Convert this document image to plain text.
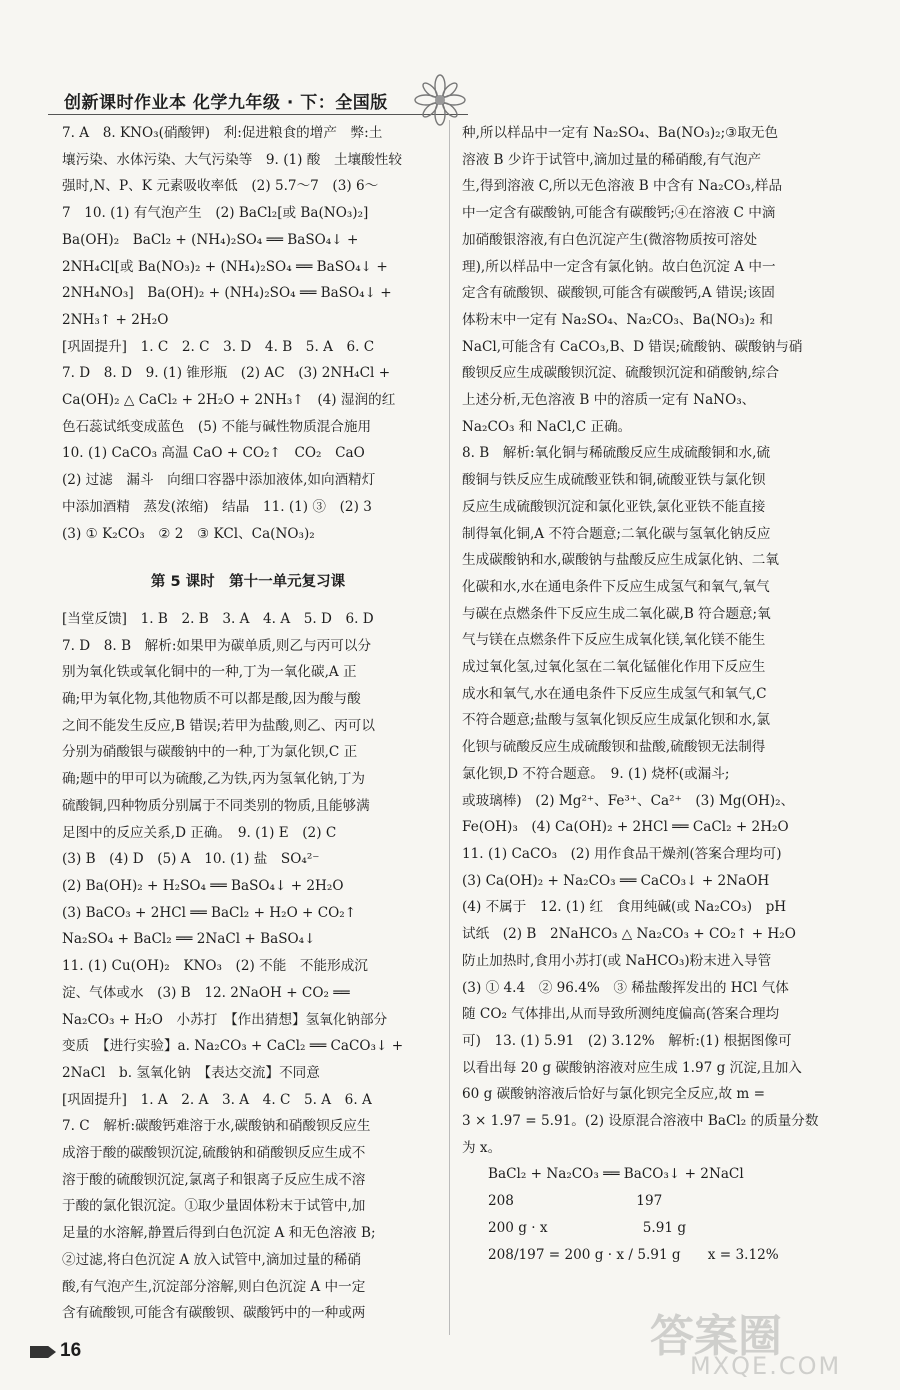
创新课时作业本 化学九年级 · 下：全国版
7. A　8. KNO₃(硝酸钾)　利:促进粮食的增产　弊:土
壤污染、水体污染、大气污染等　9. (1) 酸　土壤酸性较
强时,N、P、K 元素吸收率低　(2) 5.7～7　(3) 6～
7　10. (1) 有气泡产生　(2) BaCl₂[或 Ba(NO₃)₂]
Ba(OH)₂　BaCl₂ + (NH₄)₂SO₄ ══ BaSO₄↓ +
2NH₄Cl[或 Ba(NO₃)₂ + (NH₄)₂SO₄ ══ BaSO₄↓ +
2NH₄NO₃]　Ba(OH)₂ + (NH₄)₂SO₄ ══ BaSO₄↓ +
2NH₃↑ + 2H₂O
[巩固提升]　1. C　2. C　3. D　4. B　5. A　6. C
7. D　8. D　9. (1) 锥形瓶　(2) AC　(3) 2NH₄Cl +
Ca(OH)₂ △ CaCl₂ + 2H₂O + 2NH₃↑　(4) 湿润的红
色石蕊试纸变成蓝色　(5) 不能与碱性物质混合施用
10. (1) CaCO₃ 高温 CaO + CO₂↑　CO₂　CaO
(2) 过滤　漏斗　向细口容器中添加液体,如向酒精灯
中添加酒精　蒸发(浓缩)　结晶　11. (1) ③　(2) 3
(3) ① K₂CO₃　② 2　③ KCl、Ca(NO₃)₂
第 5 课时　第十一单元复习课
[当堂反馈]　1. B　2. B　3. A　4. A　5. D　6. D
7. D　8. B　解析:如果甲为碳单质,则乙与丙可以分
别为氧化铁或氧化铜中的一种,丁为一氧化碳,A 正
确;甲为氧化物,其他物质不可以都是酸,因为酸与酸
之间不能发生反应,B 错误;若甲为盐酸,则乙、丙可以
分别为硝酸银与碳酸钠中的一种,丁为氯化钡,C 正
确;题中的甲可以为硫酸,乙为铁,丙为氢氧化钠,丁为
硫酸铜,四种物质分别属于不同类别的物质,且能够满
足图中的反应关系,D 正确。　9. (1) E　(2) C
(3) B　(4) D　(5) A　10. (1) 盐　SO₄²⁻
(2) Ba(OH)₂ + H₂SO₄ ══ BaSO₄↓ + 2H₂O
(3) BaCO₃ + 2HCl ══ BaCl₂ + H₂O + CO₂↑
Na₂SO₄ + BaCl₂ ══ 2NaCl + BaSO₄↓
11. (1) Cu(OH)₂　KNO₃　(2) 不能　不能形成沉
淀、气体或水　(3) B　12. 2NaOH + CO₂ ══
Na₂CO₃ + H₂O　小苏打　【作出猜想】氢氧化钠部分
变质　【进行实验】a. Na₂CO₃ + CaCl₂ ══ CaCO₃↓ +
2NaCl　b. 氢氧化钠　【表达交流】不同意
[巩固提升]　1. A　2. A　3. A　4. C　5. A　6. A
7. C　解析:碳酸钙难溶于水,碳酸钠和硝酸钡反应生
成溶于酸的碳酸钡沉淀,硫酸钠和硝酸钡反应生成不
溶于酸的硫酸钡沉淀,氯离子和银离子反应生成不溶
于酸的氯化银沉淀。①取少量固体粉末于试管中,加
足量的水溶解,静置后得到白色沉淀 A 和无色溶液 B;
②过滤,将白色沉淀 A 放入试管中,滴加过量的稀硝
酸,有气泡产生,沉淀部分溶解,则白色沉淀 A 中一定
含有硫酸钡,可能含有碳酸钡、碳酸钙中的一种或两
种,所以样品中一定有 Na₂SO₄、Ba(NO₃)₂;③取无色
溶液 B 少许于试管中,滴加过量的稀硝酸,有气泡产
生,得到溶液 C,所以无色溶液 B 中含有 Na₂CO₃,样品
中一定含有碳酸钠,可能含有碳酸钙;④在溶液 C 中滴
加硝酸银溶液,有白色沉淀产生(微溶物质按可溶处
理),所以样品中一定含有氯化钠。故白色沉淀 A 中一
定含有硫酸钡、碳酸钡,可能含有碳酸钙,A 错误;该固
体粉末中一定有 Na₂SO₄、Na₂CO₃、Ba(NO₃)₂ 和
NaCl,可能含有 CaCO₃,B、D 错误;硫酸钠、碳酸钠与硝
酸钡反应生成碳酸钡沉淀、硫酸钡沉淀和硝酸钠,综合
上述分析,无色溶液 B 中的溶质一定有 NaNO₃、
Na₂CO₃ 和 NaCl,C 正确。
8. B　解析:氧化铜与稀硫酸反应生成硫酸铜和水,硫
酸铜与铁反应生成硫酸亚铁和铜,硫酸亚铁与氯化钡
反应生成硫酸钡沉淀和氯化亚铁,氯化亚铁不能直接
制得氧化铜,A 不符合题意;二氧化碳与氢氧化钠反应
生成碳酸钠和水,碳酸钠与盐酸反应生成氯化钠、二氧
化碳和水,水在通电条件下反应生成氢气和氧气,氧气
与碳在点燃条件下反应生成二氧化碳,B 符合题意;氧
气与镁在点燃条件下反应生成氧化镁,氧化镁不能生
成过氧化氢,过氧化氢在二氧化锰催化作用下反应生
成水和氧气,水在通电条件下反应生成氢气和氧气,C
不符合题意;盐酸与氢氧化钡反应生成氯化钡和水,氯
化钡与硫酸反应生成硫酸钡和盐酸,硫酸钡无法制得
氯化钡,D 不符合题意。　9. (1) 烧杯(或漏斗;
或玻璃棒)　(2) Mg²⁺、Fe³⁺、Ca²⁺　(3) Mg(OH)₂、
Fe(OH)₃　(4) Ca(OH)₂ + 2HCl ══ CaCl₂ + 2H₂O
11. (1) CaCO₃　(2) 用作食品干燥剂(答案合理均可)
(3) Ca(OH)₂ + Na₂CO₃ ══ CaCO₃↓ + 2NaOH
(4) 不属于　12. (1) 红　食用纯碱(或 Na₂CO₃)　pH
试纸　(2) B　2NaHCO₃ △ Na₂CO₃ + CO₂↑ + H₂O
防止加热时,食用小苏打(或 NaHCO₃)粉末进入导管
(3) ① 4.4　② 96.4%　③ 稀盐酸挥发出的 HCl 气体
随 CO₂ 气体排出,从而导致所测纯度偏高(答案合理均
可)　13. (1) 5.91　(2) 3.12%　解析:(1) 根据图像可
以看出每 20 g 碳酸钠溶液对应生成 1.97 g 沉淀,且加入
60 g 碳酸钠溶液后恰好与氯化钡完全反应,故 m =
3 × 1.97 = 5.91。(2) 设原混合溶液中 BaCl₂ 的质量分数
为 x。
BaCl₂ + Na₂CO₃ ══ BaCO₃↓ + 2NaCl
208　　　　　　　　　197
200 g · x　　　　　　　5.91 g
208/197 = 200 g · x / 5.91 g　　x = 3.12%
16	答案圈
MXQE.COM
